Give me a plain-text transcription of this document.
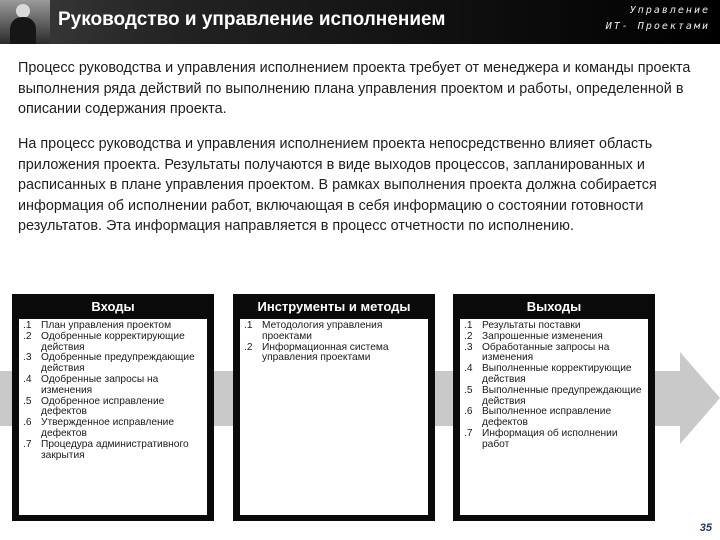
Руководство и управление исполнением	Управление
ИТ- Проектами

Процесс руководства и управления исполнением проекта требует от менеджера и команды проекта выполнения ряда действий по выполнению плана управления проектом и работы, определенной в описании содержания проекта.

На процесс руководства и управления исполнением проекта непосредственно влияет область приложения проекта. Результаты получаются в виде выходов процессов, запланированных и расписанных в плане управления проектом. В рамках выполнения проекта должна собирается информация об исполнении работ, включающая в себя информацию о состоянии готовности результатов. Эта информация направляется в процесс отчетности по исполнению.

Входы
.1 План управления проектом
.2 Одобренные корректирующие действия
.3 Одобренные предупреждающие действия
.4 Одобренные запросы на изменения
.5 Одобренное исправление дефектов
.6 Утвержденное исправление дефектов
.7 Процедура административного закрытия
Инструменты и методы
.1 Методология управления проектами
.2 Информационная система управления проектами
Выходы
.1 Результаты поставки
.2 Запрошенные изменения
.3 Обработанные запросы на изменения
.4 Выполненные корректирующие действия
.5 Выполненные предупреждающие действия
.6 Выполненное исправление дефектов
.7 Информация об исполнении работ
35
